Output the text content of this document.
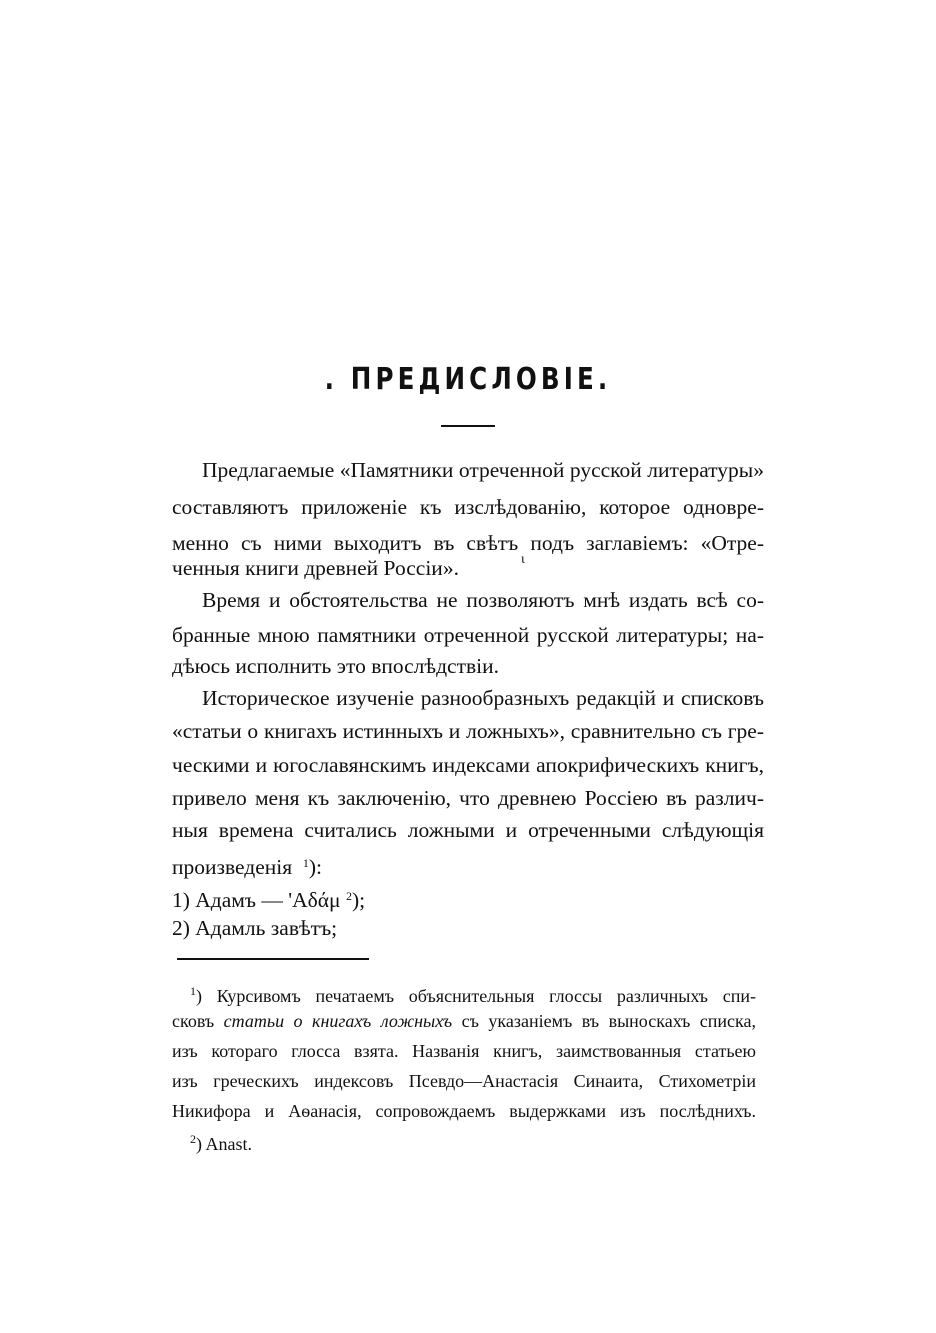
. ПРЕДИСЛОВІЕ.
Предлагаемые «Памятники отреченной русской литературы»
составляютъ приложеніе къ изслѣдованію, которое одновре-
менно съ ними выходитъ въ свѣтъ подъ заглавіемъ: «Отре-
ченныя книги древней Россіи».	ι
Время и обстоятельства не позволяютъ мнѣ издать всѣ со-
бранные мною памятники отреченной русской литературы; на-
дѣюсь исполнить это впослѣдствіи.
Историческое изученіе разнообразныхъ редакцій и списковъ
«статьи о книгахъ истинныхъ и ложныхъ», сравнительно съ гре-
ческими и югославянскимъ индексами апокрифическихъ книгъ,
привело меня къ заключенію, что древнею Россіею въ различ-
ныя времена считались ложными и отреченными слѣдующія
произведенія $^1$):
1) Адамъ — 'Αδάμ $^2$);
2) Адамль завѣтъ;
$^1$) Курсивомъ печатаемъ объяснительныя глоссы различныхъ спи-
сковъ статьи о книгахъ ложныхъ съ указаніемъ въ выноскахъ списка,
изъ котораго глосса взята. Названія книгъ, заимствованныя статьею
изъ греческихъ индексовъ Псевдо—Анастасія Синаита, Стихометріи
Никифора и Аѳанасія, сопровождаемъ выдержками изъ послѣднихъ.
$^2$) Anast.
